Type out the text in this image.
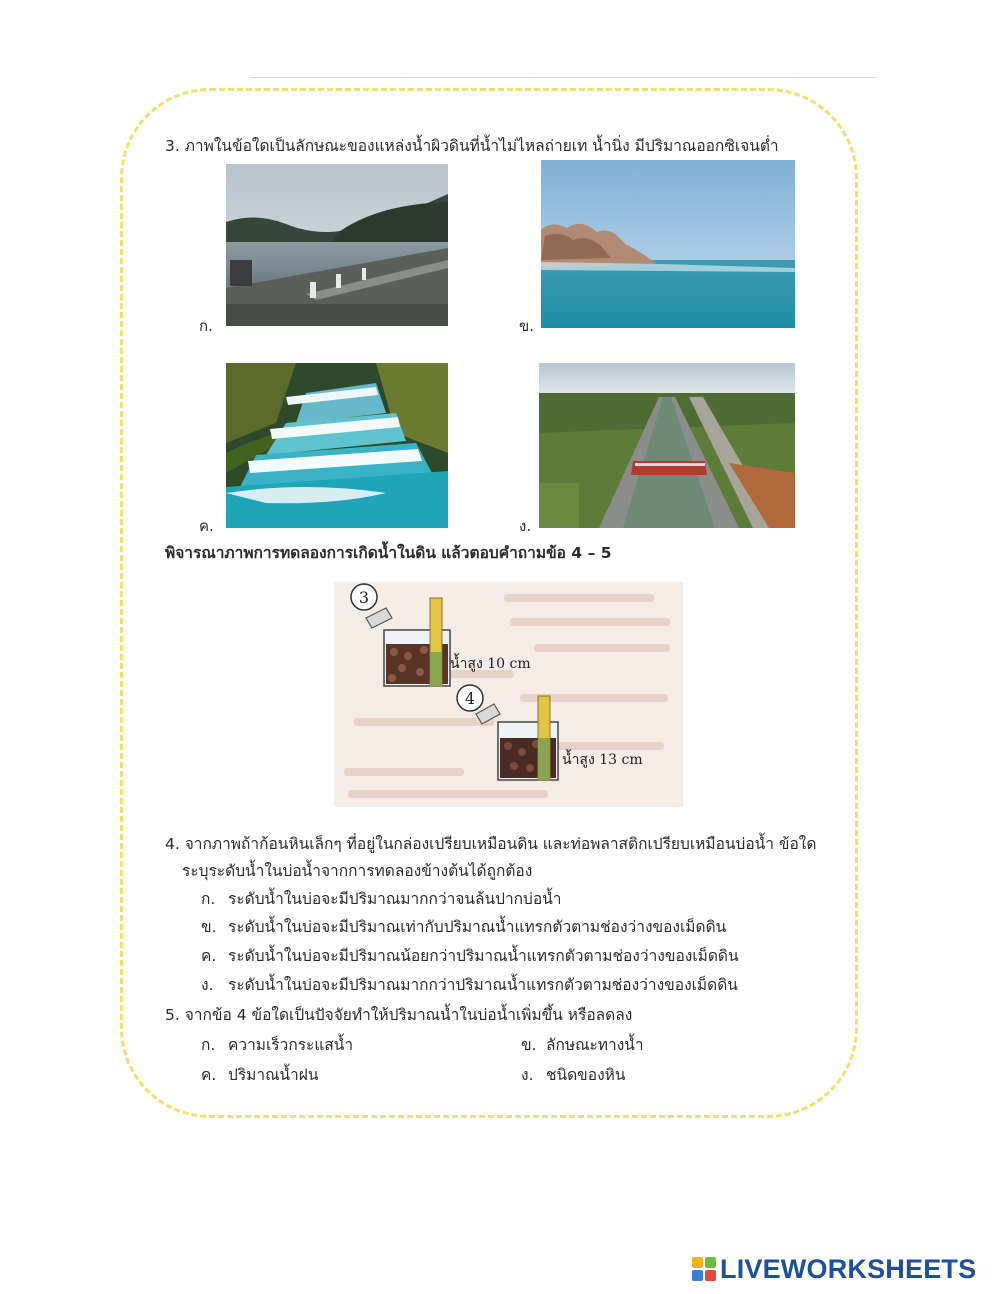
3. ภาพในข้อใดเป็นลักษณะของแหล่งน้ำผิวดินที่น้ำไม่ไหลถ่ายเท น้ำนิ่ง มีปริมาณออกซิเจนต่ำ
ก.	ข.
ค.	ง.
พิจารณาภาพการทดลองการเกิดน้ำในดิน แล้วตอบคำถามข้อ 4 – 5
3
4
น้ำสูง 10 cm
น้ำสูง 13 cm
4. จากภาพถ้าก้อนหินเล็กๆ ที่อยู่ในกล่องเปรียบเหมือนดิน และท่อพลาสติกเปรียบเหมือนบ่อน้ำ ข้อใด
ระบุระดับน้ำในบ่อน้ำจากการทดลองข้างต้นได้ถูกต้อง
ก. ระดับน้ำในบ่อจะมีปริมาณมากกว่าจนล้นปากบ่อน้ำ
ข. ระดับน้ำในบ่อจะมีปริมาณเท่ากับปริมาณน้ำแทรกตัวตามช่องว่างของเม็ดดิน
ค. ระดับน้ำในบ่อจะมีปริมาณน้อยกว่าปริมาณน้ำแทรกตัวตามช่องว่างของเม็ดดิน
ง. ระดับน้ำในบ่อจะมีปริมาณมากกว่าปริมาณน้ำแทรกตัวตามช่องว่างของเม็ดดิน
5. จากข้อ 4 ข้อใดเป็นปัจจัยทำให้ปริมาณน้ำในบ่อน้ำเพิ่มขึ้น หรือลดลง
ก. ความเร็วกระแสน้ำ	ข. ลักษณะทางน้ำ
ค. ปริมาณน้ำฝน	ง. ชนิดของหิน
LIVEWORKSHEETS
